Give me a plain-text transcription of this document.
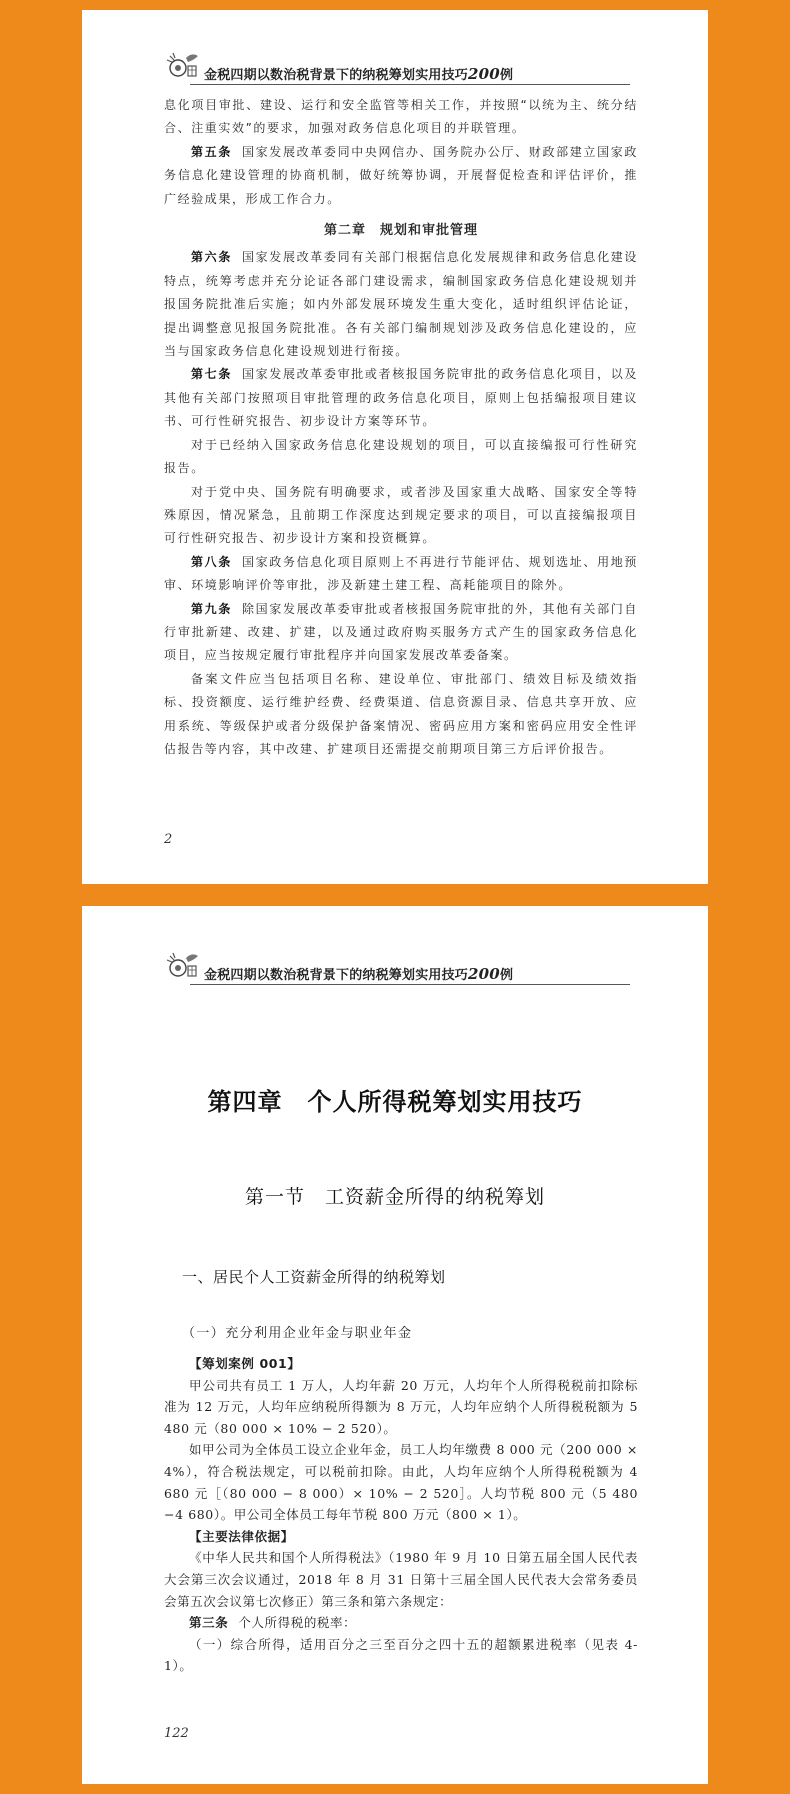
金税四期以数治税背景下的纳税筹划实用技巧200例

息化项目审批、建设、运行和安全监管等相关工作，并按照“以统为主、统分结合、注重实效”的要求，加强对政务信息化项目的并联管理。

第五条 国家发展改革委同中央网信办、国务院办公厅、财政部建立国家政务信息化建设管理的协商机制，做好统筹协调，开展督促检查和评估评价，推广经验成果，形成工作合力。

第二章　规划和审批管理

第六条 国家发展改革委同有关部门根据信息化发展规律和政务信息化建设特点，统筹考虑并充分论证各部门建设需求，编制国家政务信息化建设规划并报国务院批准后实施；如内外部发展环境发生重大变化，适时组织评估论证，提出调整意见报国务院批准。各有关部门编制规划涉及政务信息化建设的，应当与国家政务信息化建设规划进行衔接。

第七条 国家发展改革委审批或者核报国务院审批的政务信息化项目，以及其他有关部门按照项目审批管理的政务信息化项目，原则上包括编报项目建议书、可行性研究报告、初步设计方案等环节。

对于已经纳入国家政务信息化建设规划的项目，可以直接编报可行性研究报告。

对于党中央、国务院有明确要求，或者涉及国家重大战略、国家安全等特殊原因，情况紧急，且前期工作深度达到规定要求的项目，可以直接编报项目可行性研究报告、初步设计方案和投资概算。

第八条 国家政务信息化项目原则上不再进行节能评估、规划选址、用地预审、环境影响评价等审批，涉及新建土建工程、高耗能项目的除外。

第九条 除国家发展改革委审批或者核报国务院审批的外，其他有关部门自行审批新建、改建、扩建，以及通过政府购买服务方式产生的国家政务信息化项目，应当按规定履行审批程序并向国家发展改革委备案。

备案文件应当包括项目名称、建设单位、审批部门、绩效目标及绩效指标、投资额度、运行维护经费、经费渠道、信息资源目录、信息共享开放、应用系统、等级保护或者分级保护备案情况、密码应用方案和密码应用安全性评估报告等内容，其中改建、扩建项目还需提交前期项目第三方后评价报告。

2
金税四期以数治税背景下的纳税筹划实用技巧200例
第四章　个人所得税筹划实用技巧
第一节　工资薪金所得的纳税筹划
一、居民个人工资薪金所得的纳税筹划
（一）充分利用企业年金与职业年金

【筹划案例 001】

甲公司共有员工 1 万人，人均年薪 20 万元，人均年个人所得税税前扣除标准为 12 万元，人均年应纳税所得额为 8 万元，人均年应纳个人所得税税额为 5 480 元（80 000 × 10% − 2 520）。

如甲公司为全体员工设立企业年金，员工人均年缴费 8 000 元（200 000 × 4%），符合税法规定，可以税前扣除。由此，人均年应纳个人所得税税额为 4 680 元［（80 000 − 8 000）× 10% − 2 520］。人均节税 800 元（5 480 −4 680）。甲公司全体员工每年节税 800 万元（800 × 1）。

【主要法律依据】

《中华人民共和国个人所得税法》（1980 年 9 月 10 日第五届全国人民代表大会第三次会议通过，2018 年 8 月 31 日第十三届全国人民代表大会常务委员会第五次会议第七次修正）第三条和第六条规定：

第三条 个人所得税的税率：

（一）综合所得，适用百分之三至百分之四十五的超额累进税率（见表 4-1）。

122
